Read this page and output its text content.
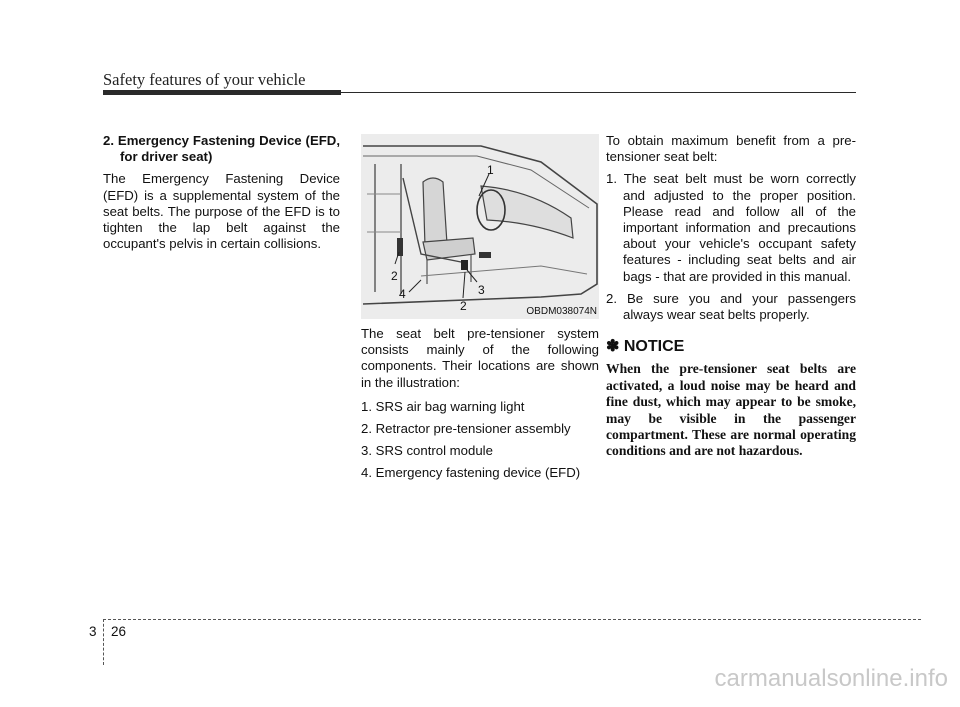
Safety features of your vehicle

2. Emergency Fastening Device (EFD, for driver seat)

The Emergency Fastening Device (EFD) is a supplemental system of the seat belts. The purpose of the EFD is to tighten the lap belt against the occupant's pelvis in certain collisions.

1
2
4
2
3
OBDM038074N

The seat belt pre-tensioner system consists mainly of the following components. Their locations are shown in the illustration:

1. SRS air bag warning light

2. Retractor pre-tensioner assembly

3. SRS control module

4. Emergency fastening device (EFD)

To obtain maximum benefit from a pre-tensioner seat belt:

1. The seat belt must be worn correctly and adjusted to the proper position. Please read and follow all of the important information and precautions about your vehicle's occupant safety features - including seat belts and air bags - that are provided in this manual.

2. Be sure you and your passengers always wear seat belts properly.

✽ NOTICE

When the pre-tensioner seat belts are activated, a loud noise may be heard and fine dust, which may appear to be smoke, may be visible in the passenger compartment. These are normal operating conditions and are not hazardous.

3 26
carmanualsonline.info
